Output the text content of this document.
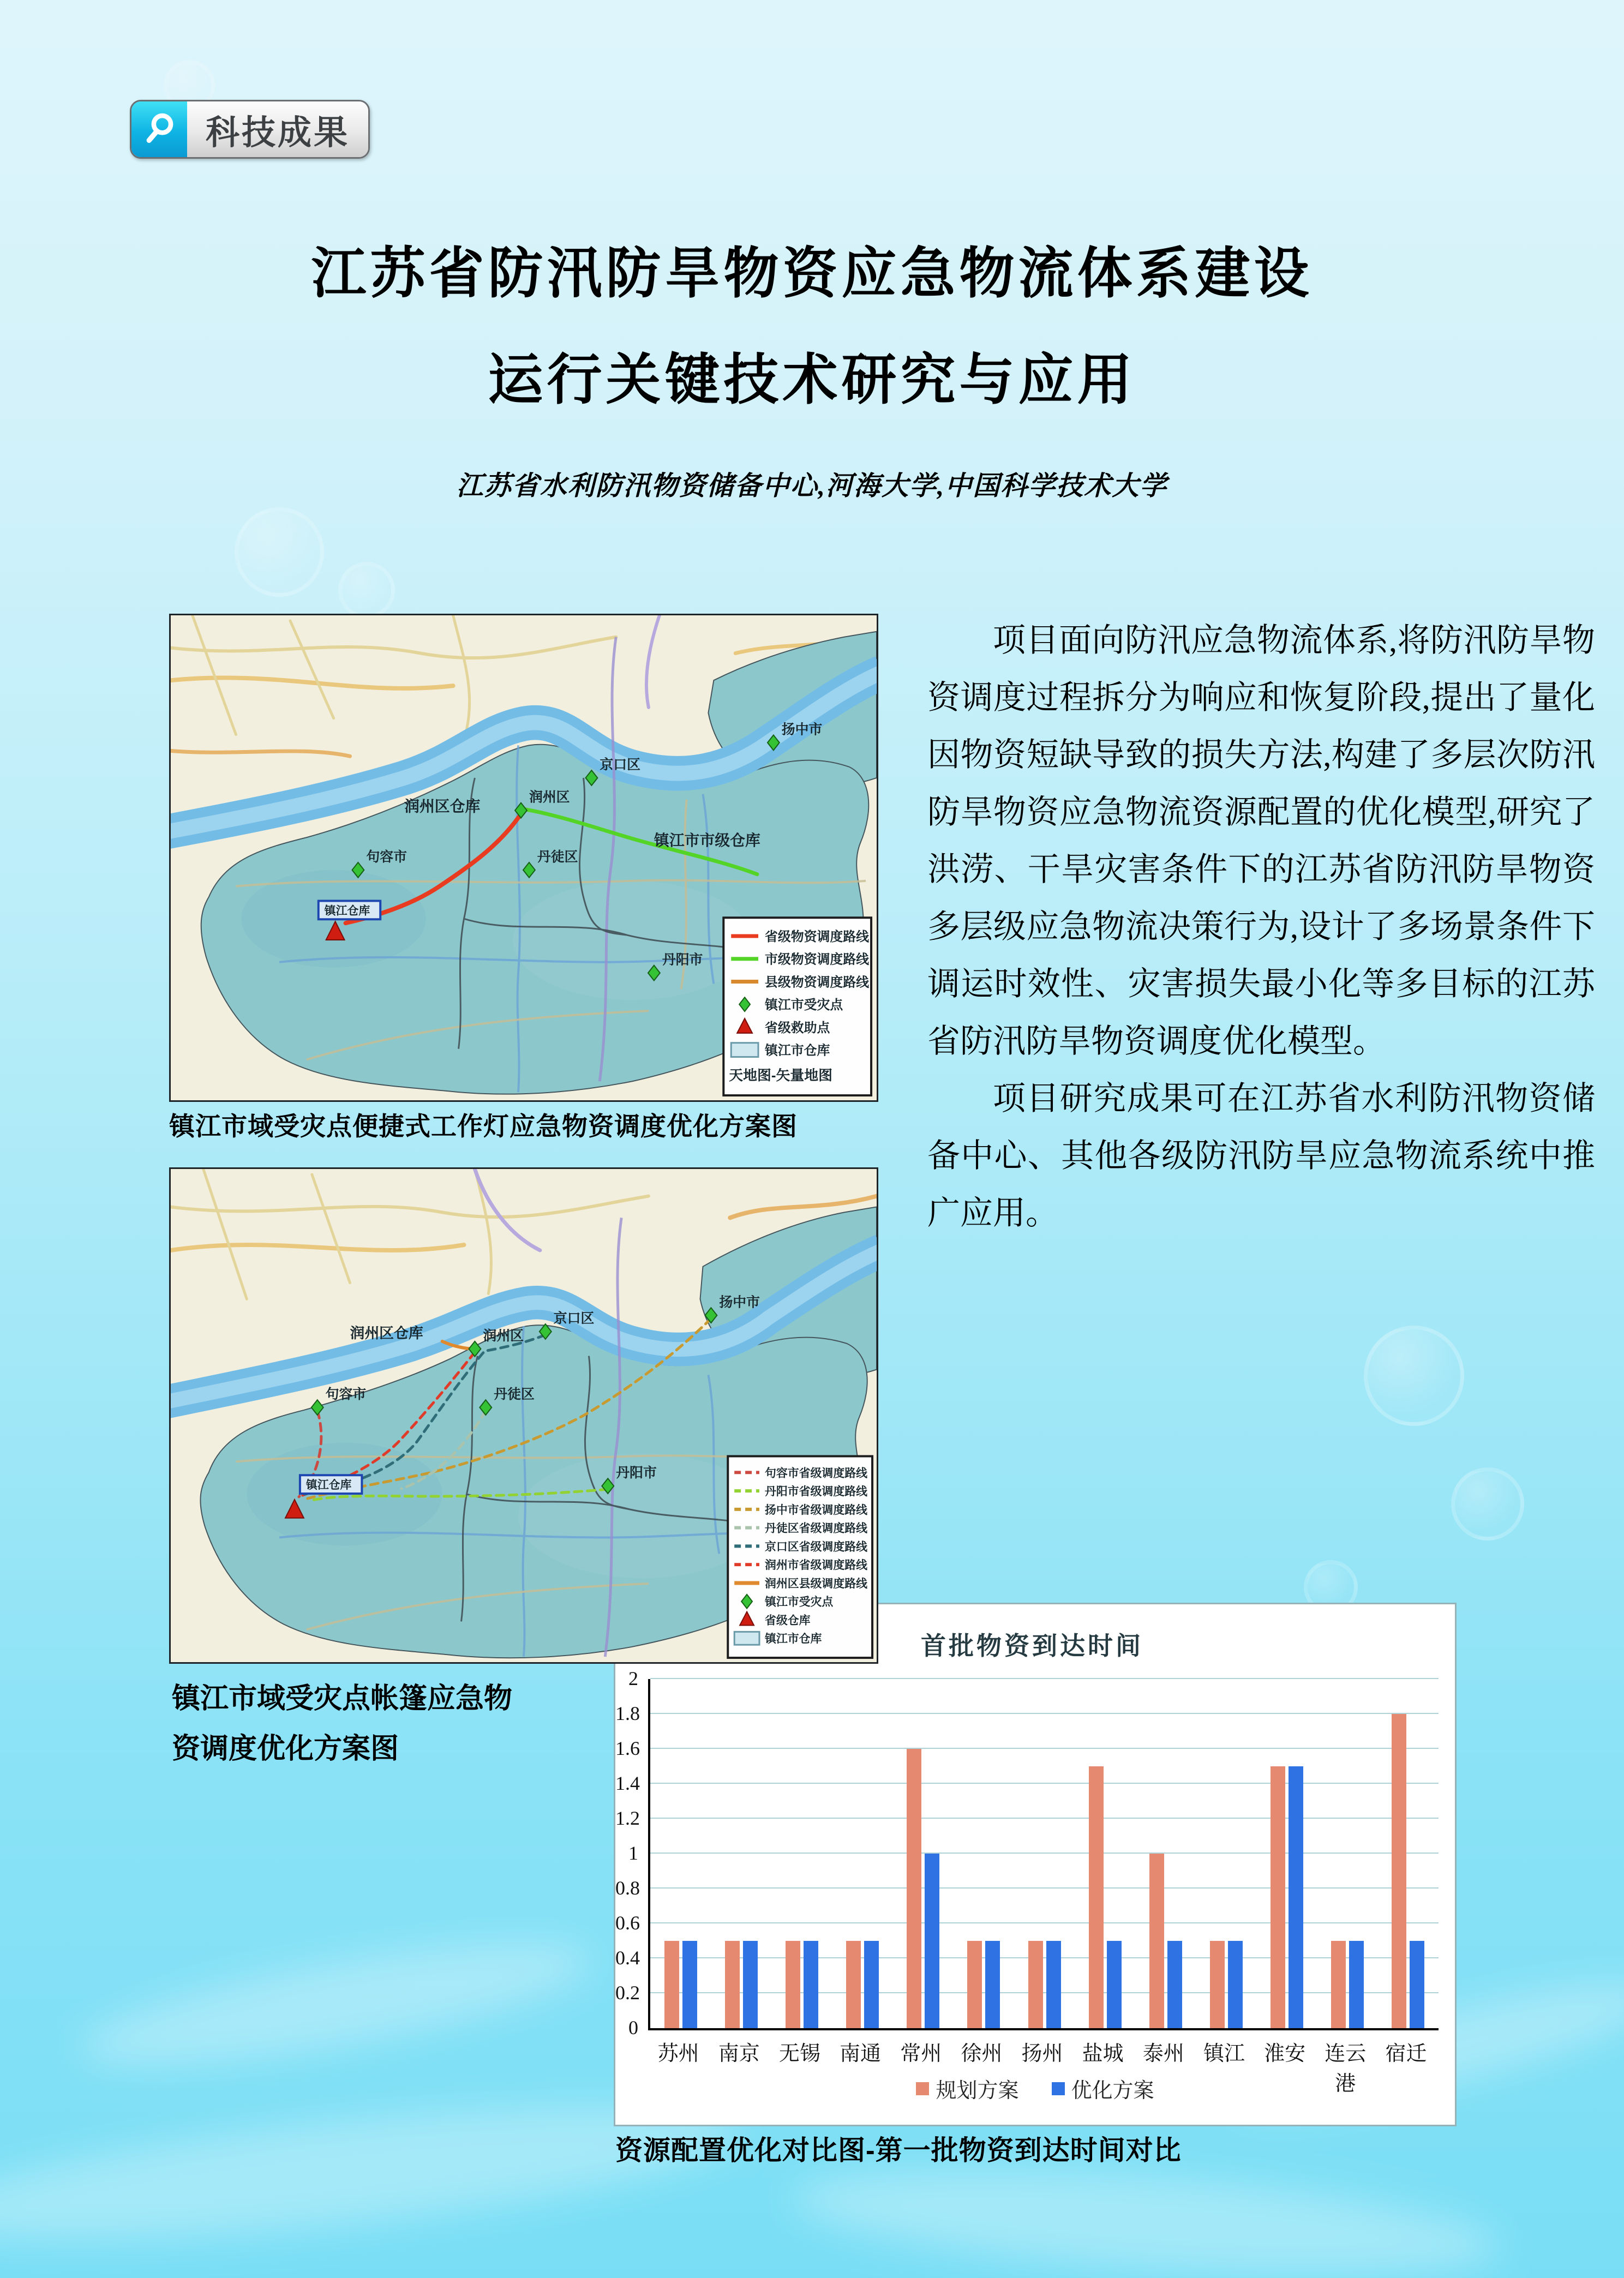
科技成果
江苏省防汛防旱物资应急物流体系建设
运行关键技术研究与应用
江苏省水利防汛物资储备中心,河海大学,中国科学技术大学

项目面向防汛应急物流体系,将防汛防旱物资调度过程拆分为响应和恢复阶段,提出了量化因物资短缺导致的损失方法,构建了多层次防汛防旱物资应急物流资源配置的优化模型,研究了洪涝、干旱灾害条件下的江苏省防汛防旱物资多层级应急物流决策行为,设计了多场景条件下调运时效性、灾害损失最小化等多目标的江苏省防汛防旱物资调度优化模型。

项目研究成果可在江苏省水利防汛物资储备中心、其他各级防汛防旱应急物流系统中推广应用。

镇江仓库
润州区仓库
镇江市市级仓库
润州区
京口区
扬中市
句容市	丹徒区
丹阳市
省级物资调度路线
市级物资调度路线
县级物资调度路线
镇江市受灾点
省级救助点
镇江市仓库
天地图-矢量地图
镇江市域受灾点便捷式工作灯应急物资调度优化方案图
镇江仓库
润州区仓库	润州区
京口区
扬中市
句容市	丹徒区
丹阳市	句容市省级调度路线
丹阳市省级调度路线
扬中市省级调度路线
丹徒区省级调度路线
京口区省级调度路线
润州市省级调度路线
润州区县级调度路线
镇江市受灾点
省级仓库
镇江市仓库
镇江市域受灾点帐篷应急物资调度优化方案图
首批物资到达时间
0
0.2
0.4
0.6
0.8
1
1.2
1.4
1.6
1.8
2
苏州 南京 无锡 南通 常州 徐州 扬州 盐城 泰州 镇江 淮安 连云港
宿迁
规划方案	优化方案
资源配置优化对比图-第一批物资到达时间对比
